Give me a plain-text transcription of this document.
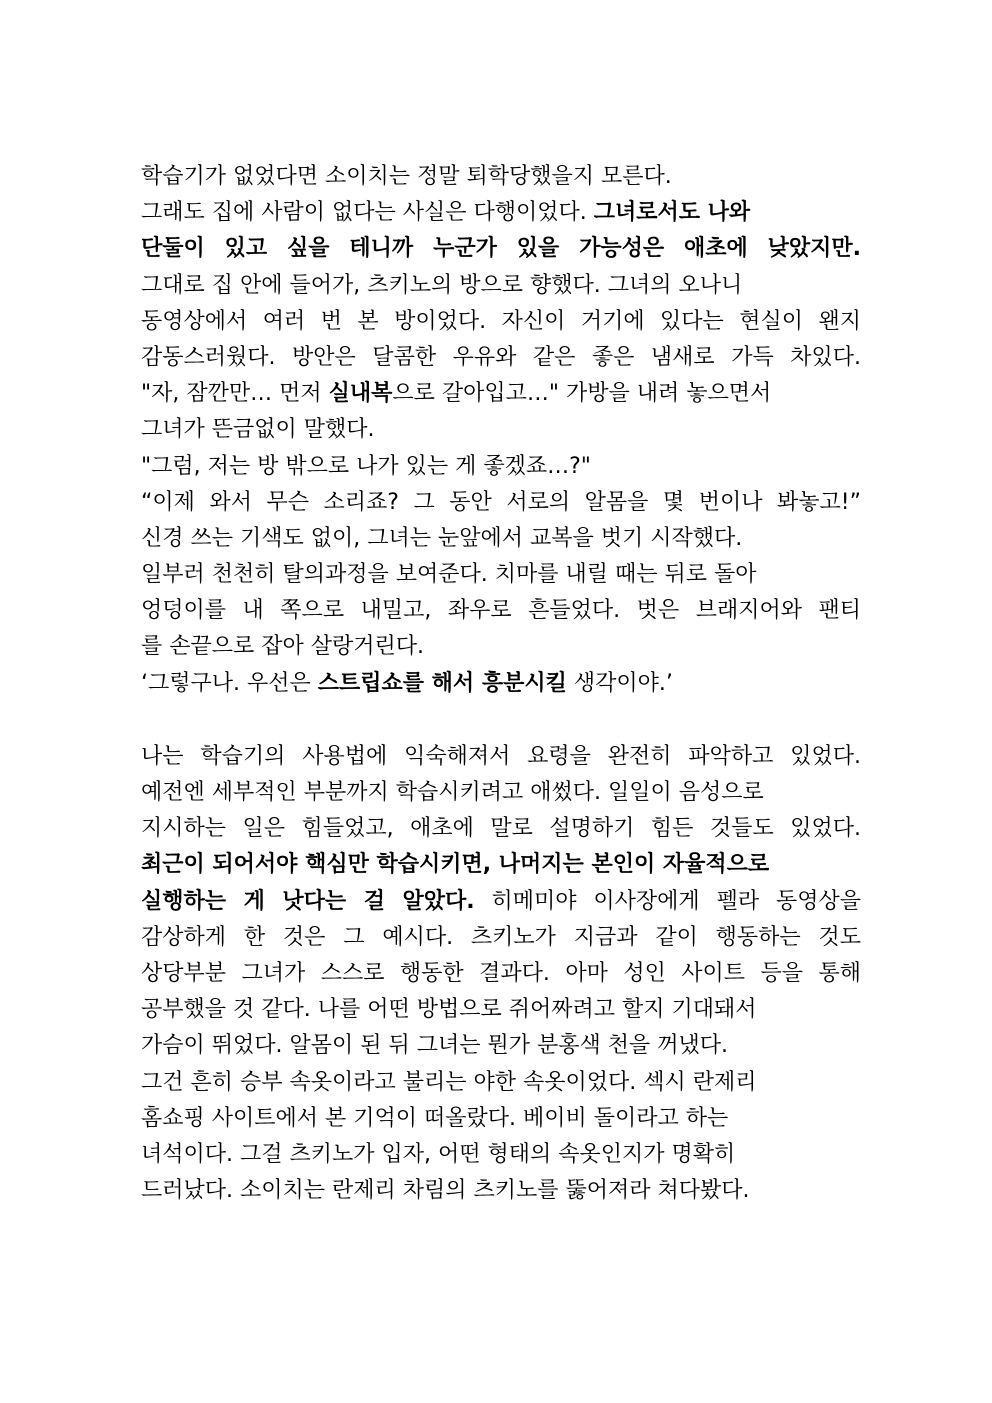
학습기가 없었다면 소이치는 정말 퇴학당했을지 모른다.
그래도 집에 사람이 없다는 사실은 다행이었다. 그녀로서도 나와
단둘이 있고 싶을 테니까 누군가 있을 가능성은 애초에 낮았지만.
그대로 집 안에 들어가, 츠키노의 방으로 향했다. 그녀의 오나니
동영상에서 여러 번 본 방이었다. 자신이 거기에 있다는 현실이 왠지
감동스러웠다. 방안은 달콤한 우유와 같은 좋은 냄새로 가득 차있다.
"자, 잠깐만… 먼저 실내복으로 갈아입고…" 가방을 내려 놓으면서
그녀가 뜬금없이 말했다.
"그럼, 저는 방 밖으로 나가 있는 게 좋겠죠…?"
“이제 와서 무슨 소리죠? 그 동안 서로의 알몸을 몇 번이나 봐놓고!”
신경 쓰는 기색도 없이, 그녀는 눈앞에서 교복을 벗기 시작했다.
일부러 천천히 탈의과정을 보여준다. 치마를 내릴 때는 뒤로 돌아
엉덩이를 내 쪽으로 내밀고, 좌우로 흔들었다. 벗은 브래지어와 팬티
를 손끝으로 잡아 살랑거린다.
‘그렇구나. 우선은 스트립쇼를 해서 흥분시킬 생각이야.’
나는 학습기의 사용법에 익숙해져서 요령을 완전히 파악하고 있었다.
예전엔 세부적인 부분까지 학습시키려고 애썼다. 일일이 음성으로
지시하는 일은 힘들었고, 애초에 말로 설명하기 힘든 것들도 있었다.
최근이 되어서야 핵심만 학습시키면, 나머지는 본인이 자율적으로
실행하는 게 낫다는 걸 알았다. 히메미야 이사장에게 펠라 동영상을
감상하게 한 것은 그 예시다. 츠키노가 지금과 같이 행동하는 것도
상당부분 그녀가 스스로 행동한 결과다. 아마 성인 사이트 등을 통해
공부했을 것 같다. 나를 어떤 방법으로 쥐어짜려고 할지 기대돼서
가슴이 뛰었다. 알몸이 된 뒤 그녀는 뭔가 분홍색 천을 꺼냈다.
그건 흔히 승부 속옷이라고 불리는 야한 속옷이었다. 섹시 란제리
홈쇼핑 사이트에서 본 기억이 떠올랐다. 베이비 돌이라고 하는
녀석이다. 그걸 츠키노가 입자, 어떤 형태의 속옷인지가 명확히
드러났다. 소이치는 란제리 차림의 츠키노를 뚫어져라 쳐다봤다.
